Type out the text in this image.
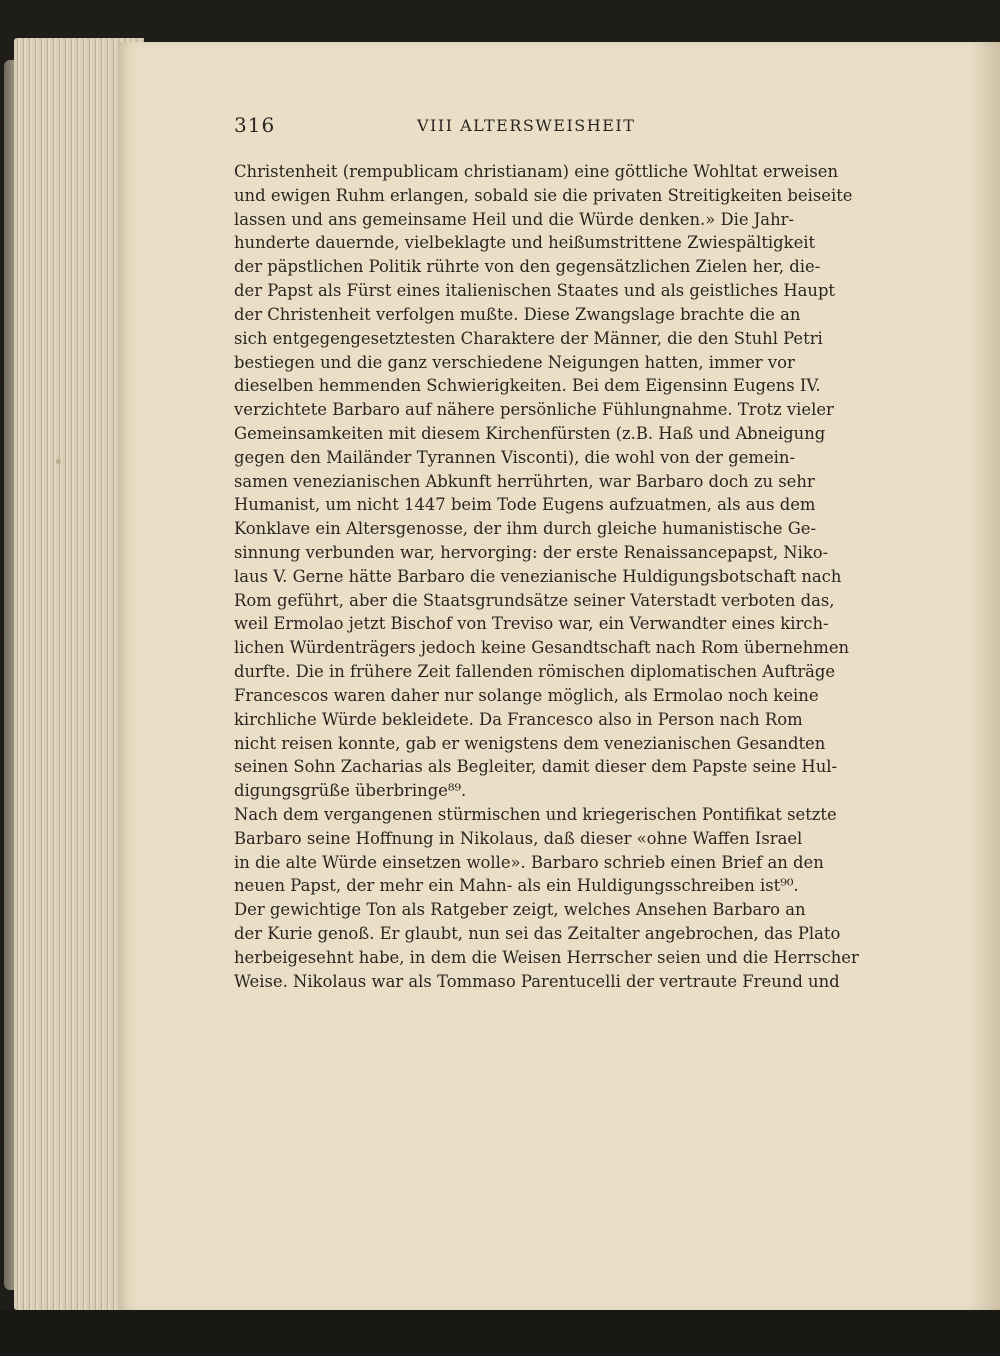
316	VIII ALTERSWEISHEIT
Christenheit (rempublicam christianam) eine göttliche Wohltat erweisen
und ewigen Ruhm erlangen, sobald sie die privaten Streitigkeiten beiseite
lassen und ans gemeinsame Heil und die Würde denken.» Die Jahr-
hunderte dauernde, vielbeklagte und heißumstrittene Zwiespältigkeit
der päpstlichen Politik rührte von den gegensätzlichen Zielen her, die-
der Papst als Fürst eines italienischen Staates und als geistliches Haupt
der Christenheit verfolgen mußte. Diese Zwangslage brachte die an
sich entgegengesetztesten Charaktere der Männer, die den Stuhl Petri
bestiegen und die ganz verschiedene Neigungen hatten, immer vor
dieselben hemmenden Schwierigkeiten. Bei dem Eigensinn Eugens IV.
verzichtete Barbaro auf nähere persönliche Fühlungnahme. Trotz vieler
Gemeinsamkeiten mit diesem Kirchenfürsten (z.B. Haß und Abneigung
gegen den Mailänder Tyrannen Visconti), die wohl von der gemein-
samen venezianischen Abkunft herrührten, war Barbaro doch zu sehr
Humanist, um nicht 1447 beim Tode Eugens aufzuatmen, als aus dem
Konklave ein Altersgenosse, der ihm durch gleiche humanistische Ge-
sinnung verbunden war, hervorging: der erste Renaissancepapst, Niko-
laus V. Gerne hätte Barbaro die venezianische Huldigungsbotschaft nach
Rom geführt, aber die Staatsgrundsätze seiner Vaterstadt verboten das,
weil Ermolao jetzt Bischof von Treviso war, ein Verwandter eines kirch-
lichen Würdenträgers jedoch keine Gesandtschaft nach Rom übernehmen
durfte. Die in frühere Zeit fallenden römischen diplomatischen Aufträge
Francescos waren daher nur solange möglich, als Ermolao noch keine
kirchliche Würde bekleidete. Da Francesco also in Person nach Rom
nicht reisen konnte, gab er wenigstens dem venezianischen Gesandten
seinen Sohn Zacharias als Begleiter, damit dieser dem Papste seine Hul-
digungsgrüße überbringe⁸⁹.
Nach dem vergangenen stürmischen und kriegerischen Pontifikat setzte
Barbaro seine Hoffnung in Nikolaus, daß dieser «ohne Waffen Israel
in die alte Würde einsetzen wolle». Barbaro schrieb einen Brief an den
neuen Papst, der mehr ein Mahn- als ein Huldigungsschreiben ist⁹⁰.
Der gewichtige Ton als Ratgeber zeigt, welches Ansehen Barbaro an
der Kurie genoß. Er glaubt, nun sei das Zeitalter angebrochen, das Plato
herbeigesehnt habe, in dem die Weisen Herrscher seien und die Herrscher
Weise. Nikolaus war als Tommaso Parentucelli der vertraute Freund und
